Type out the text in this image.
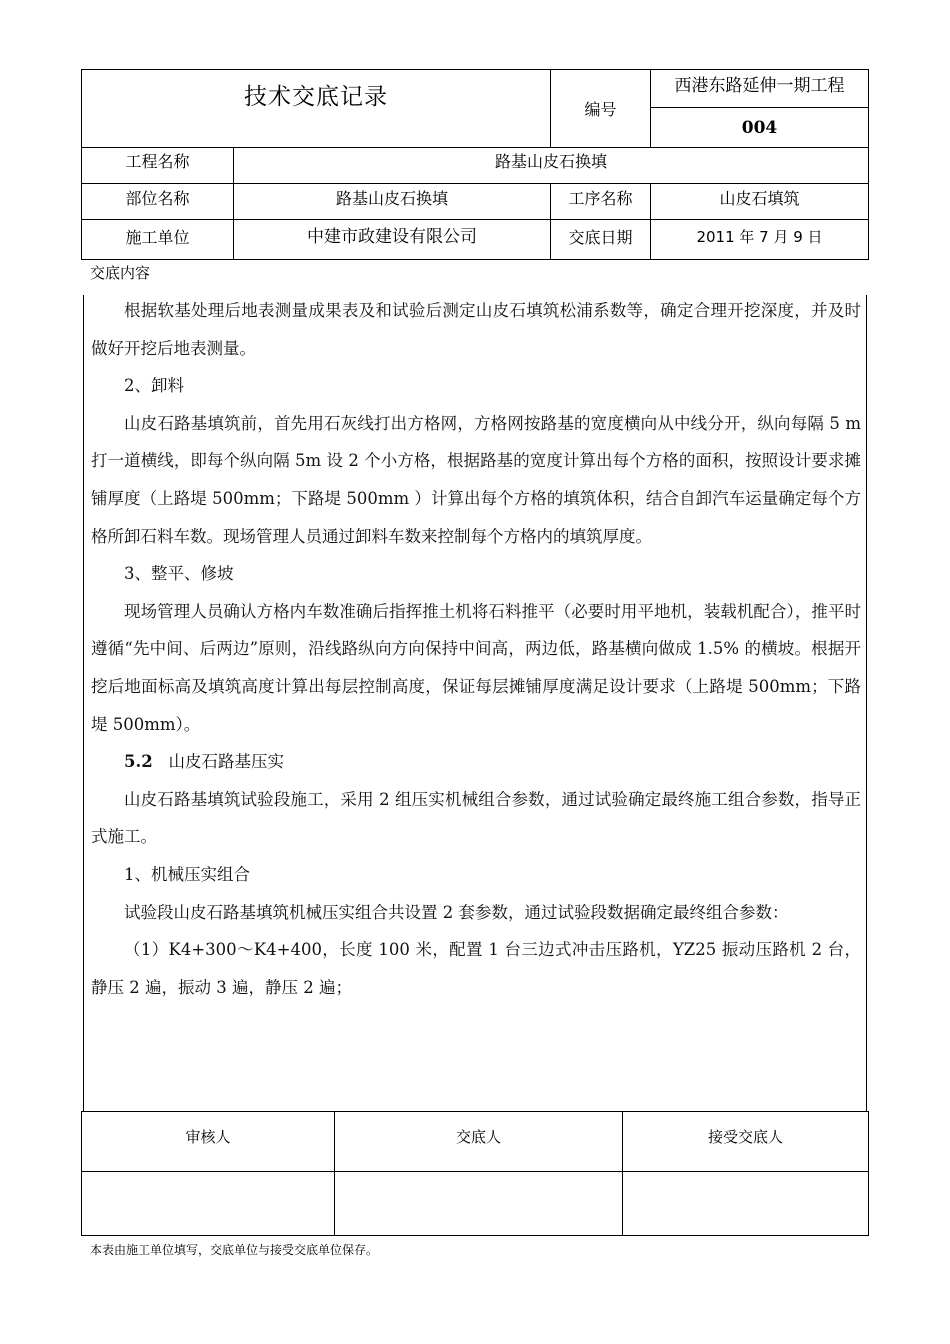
技术交底记录	编号
西港东路延伸一期工程
004
工程名称	路基山皮石换填
部位名称	路基山皮石换填	工序名称	山皮石填筑
施工单位	中建市政建设有限公司	交底日期	2011 年 7 月 9 日
交底内容

根据软基处理后地表测量成果表及和试验后测定山皮石填筑松浦系数等，确定合理开挖深度，并及时做好开挖后地表测量。

2、卸料

山皮石路基填筑前，首先用石灰线打出方格网，方格网按路基的宽度横向从中线分开，纵向每隔 5 m 打一道横线，即每个纵向隔 5m 设 2 个小方格，根据路基的宽度计算出每个方格的面积，按照设计要求摊铺厚度（上路堤 500mm；下路堤 500mm ）计算出每个方格的填筑体积，结合自卸汽车运量确定每个方格所卸石料车数。现场管理人员通过卸料车数来控制每个方格内的填筑厚度。

3、整平、修坡

现场管理人员确认方格内车数准确后指挥推土机将石料推平（必要时用平地机，装载机配合），推平时遵循“先中间、后两边”原则，沿线路纵向方向保持中间高，两边低，路基横向做成 1.5% 的横坡。根据开挖后地面标高及填筑高度计算出每层控制高度，保证每层摊铺厚度满足设计要求（上路堤 500mm；下路堤 500mm）。

5.2 山皮石路基压实

山皮石路基填筑试验段施工，采用 2 组压实机械组合参数，通过试验确定最终施工组合参数，指导正式施工。

1、机械压实组合

试验段山皮石路基填筑机械压实组合共设置 2 套参数，通过试验段数据确定最终组合参数：

（1）K4+300～K4+400，长度 100 米，配置 1 台三边式冲击压路机，YZ25 振动压路机 2 台，静压 2 遍，振动 3 遍，静压 2 遍；

审核人	交底人	接受交底人
本表由施工单位填写，交底单位与接受交底单位保存。
